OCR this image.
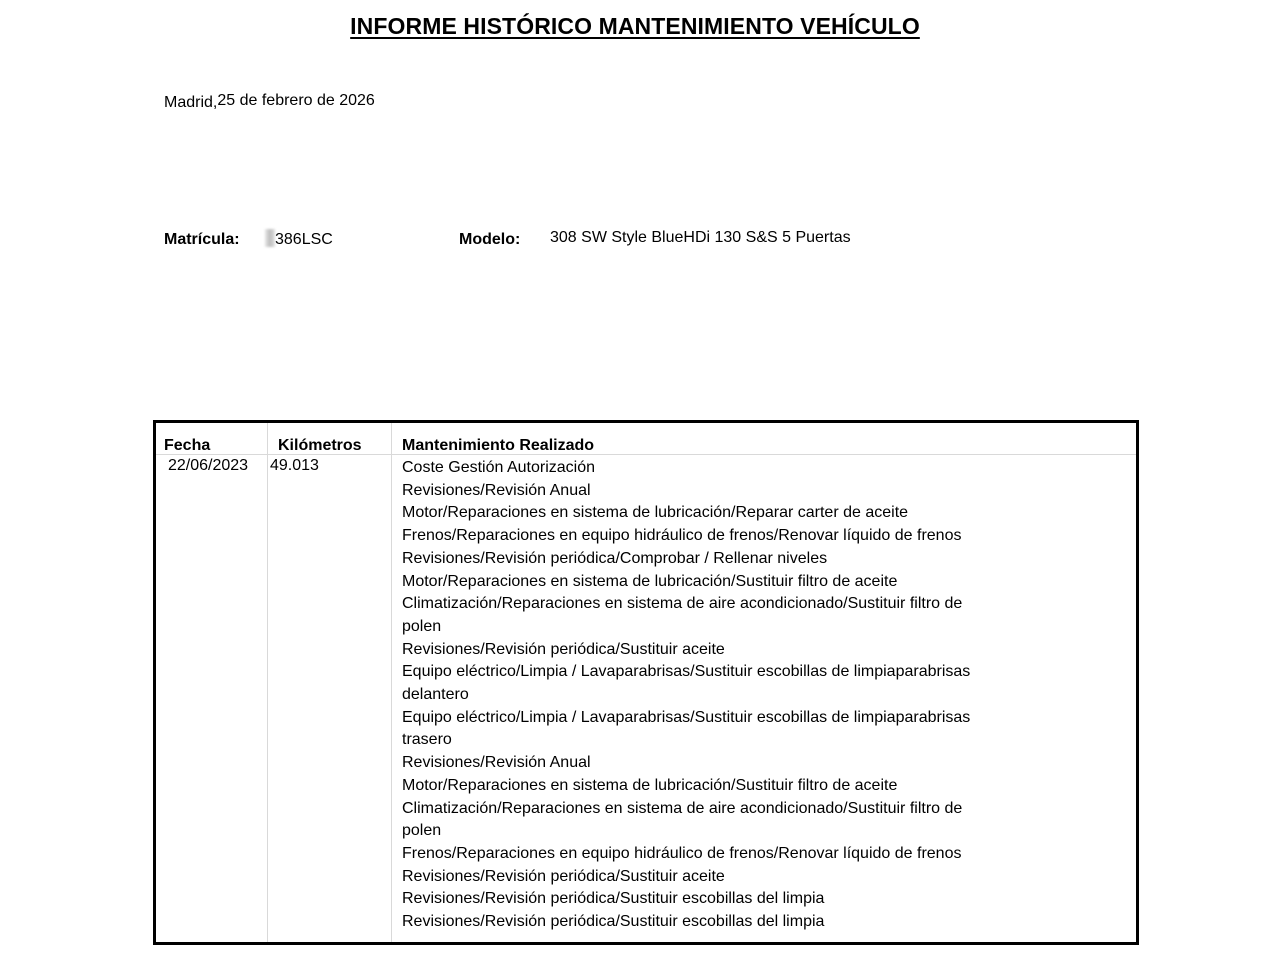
INFORME HISTÓRICO MANTENIMIENTO VEHÍCULO
Madrid,25 de febrero de 2026
Matrícula:	386LSC	Modelo: 308 SW Style BlueHDi 130 S&S 5 Puertas
Fecha	Kilómetros	Mantenimiento Realizado
22/06/2023 49.013	Coste Gestión Autorización
Revisiones/Revisión Anual
Motor/Reparaciones en sistema de lubricación/Reparar carter de aceite
Frenos/Reparaciones en equipo hidráulico de frenos/Renovar líquido de frenos
Revisiones/Revisión periódica/Comprobar / Rellenar niveles
Motor/Reparaciones en sistema de lubricación/Sustituir filtro de aceite
Climatización/Reparaciones en sistema de aire acondicionado/Sustituir filtro de
polen
Revisiones/Revisión periódica/Sustituir aceite
Equipo eléctrico/Limpia / Lavaparabrisas/Sustituir escobillas de limpiaparabrisas
delantero
Equipo eléctrico/Limpia / Lavaparabrisas/Sustituir escobillas de limpiaparabrisas
trasero
Revisiones/Revisión Anual
Motor/Reparaciones en sistema de lubricación/Sustituir filtro de aceite
Climatización/Reparaciones en sistema de aire acondicionado/Sustituir filtro de
polen
Frenos/Reparaciones en equipo hidráulico de frenos/Renovar líquido de frenos
Revisiones/Revisión periódica/Sustituir aceite
Revisiones/Revisión periódica/Sustituir escobillas del limpia
Revisiones/Revisión periódica/Sustituir escobillas del limpia
